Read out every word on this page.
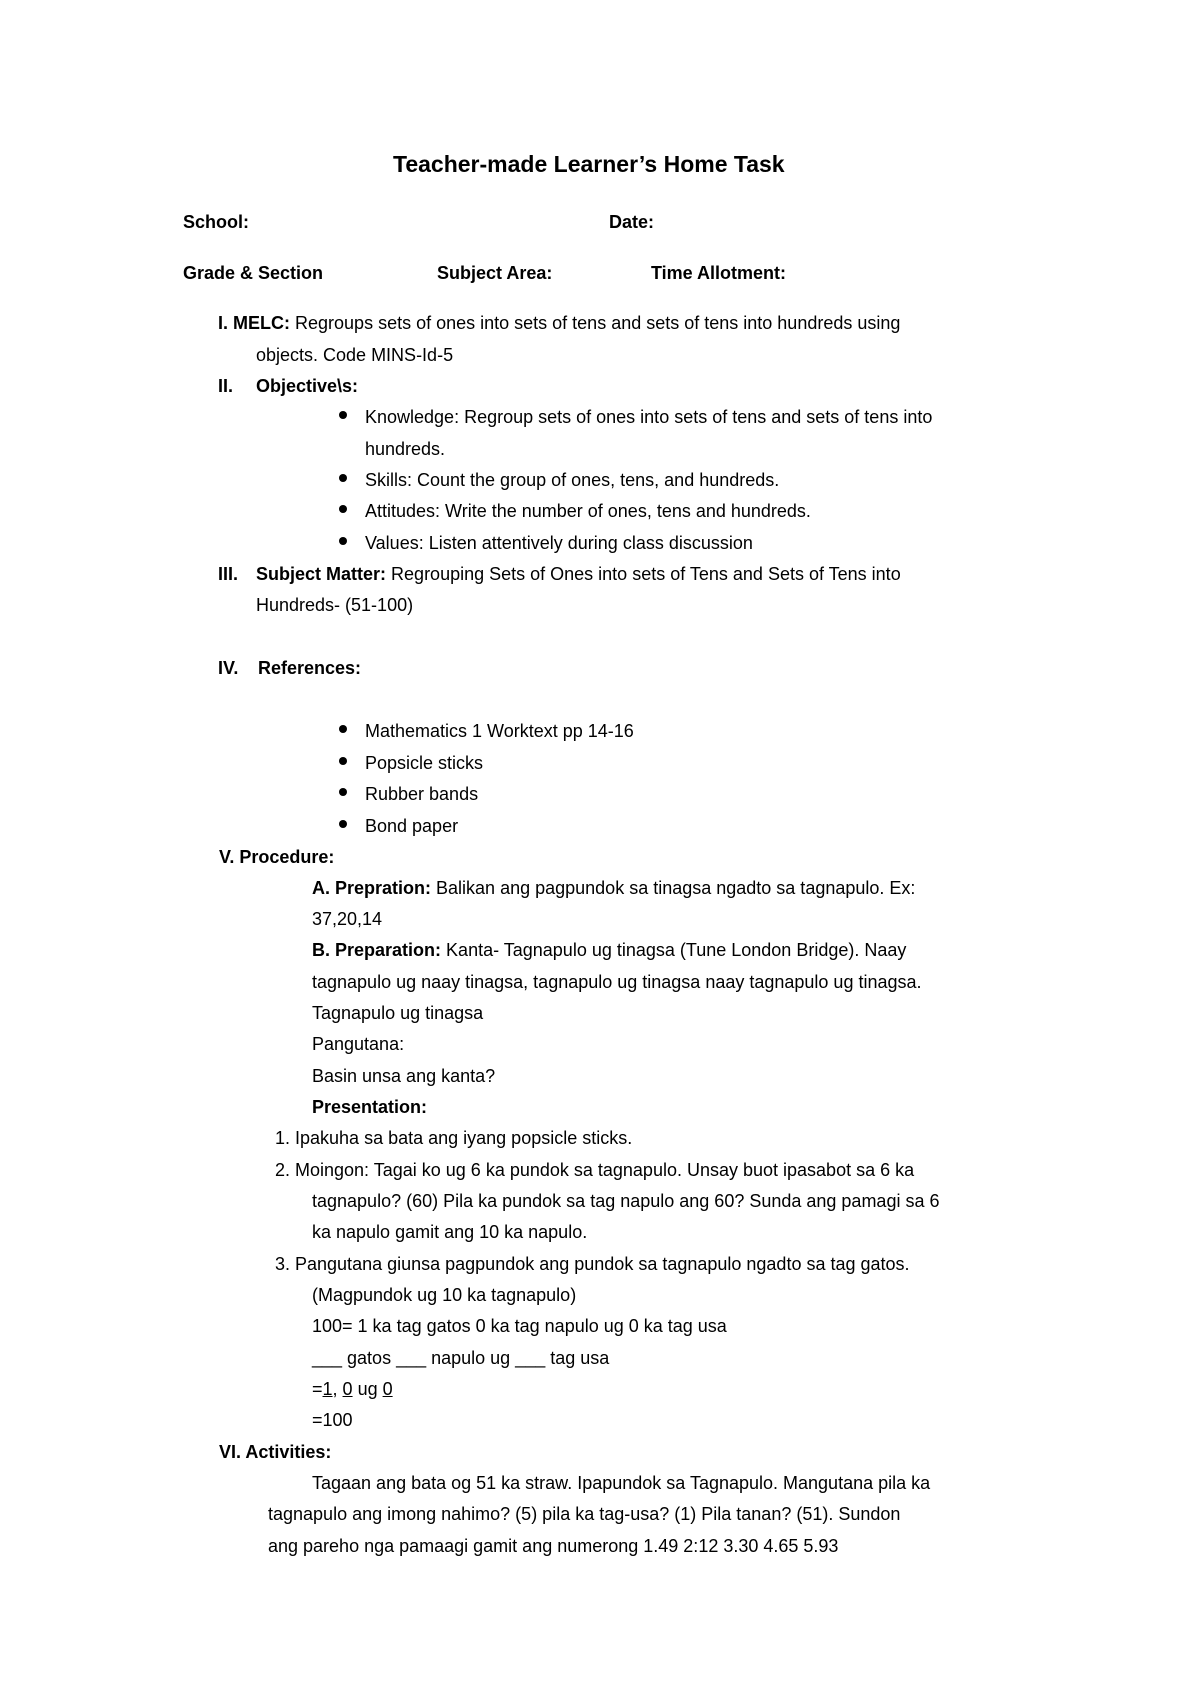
Teacher-made Learner’s Home Task
School:	Date:
Grade & Section	Subject Area:	Time Allotment:
I. MELC: Regroups sets of ones into sets of tens and sets of tens into hundreds using
objects. Code MINS-Id-5
II. Objective\s:
Knowledge: Regroup sets of ones into sets of tens and sets of tens into
hundreds.
Skills: Count the group of ones, tens, and hundreds.
Attitudes: Write the number of ones, tens and hundreds.
Values: Listen attentively during class discussion
III. Subject Matter: Regrouping Sets of Ones into sets of Tens and Sets of Tens into
Hundreds- (51-100)
IV. References:
Mathematics 1 Worktext pp 14-16
Popsicle sticks
Rubber bands
Bond paper
V. Procedure:
A. Prepration: Balikan ang pagpundok sa tinagsa ngadto sa tagnapulo. Ex:
37,20,14
B. Preparation: Kanta- Tagnapulo ug tinagsa (Tune London Bridge). Naay
tagnapulo ug naay tinagsa, tagnapulo ug tinagsa naay tagnapulo ug tinagsa.
Tagnapulo ug tinagsa
Pangutana:
Basin unsa ang kanta?
Presentation:
1. Ipakuha sa bata ang iyang popsicle sticks.
2. Moingon: Tagai ko ug 6 ka pundok sa tagnapulo. Unsay buot ipasabot sa 6 ka
tagnapulo? (60) Pila ka pundok sa tag napulo ang 60? Sunda ang pamagi sa 6
ka napulo gamit ang 10 ka napulo.
3. Pangutana giunsa pagpundok ang pundok sa tagnapulo ngadto sa tag gatos.
(Magpundok ug 10 ka tagnapulo)
100= 1 ka tag gatos 0 ka tag napulo ug 0 ka tag usa
___ gatos ___ napulo ug ___ tag usa
=1, 0 ug 0
=100
VI. Activities:
Tagaan ang bata og 51 ka straw. Ipapundok sa Tagnapulo. Mangutana pila ka
tagnapulo ang imong nahimo? (5) pila ka tag-usa? (1) Pila tanan? (51). Sundon
ang pareho nga pamaagi gamit ang numerong 1.49 2:12 3.30 4.65 5.93
